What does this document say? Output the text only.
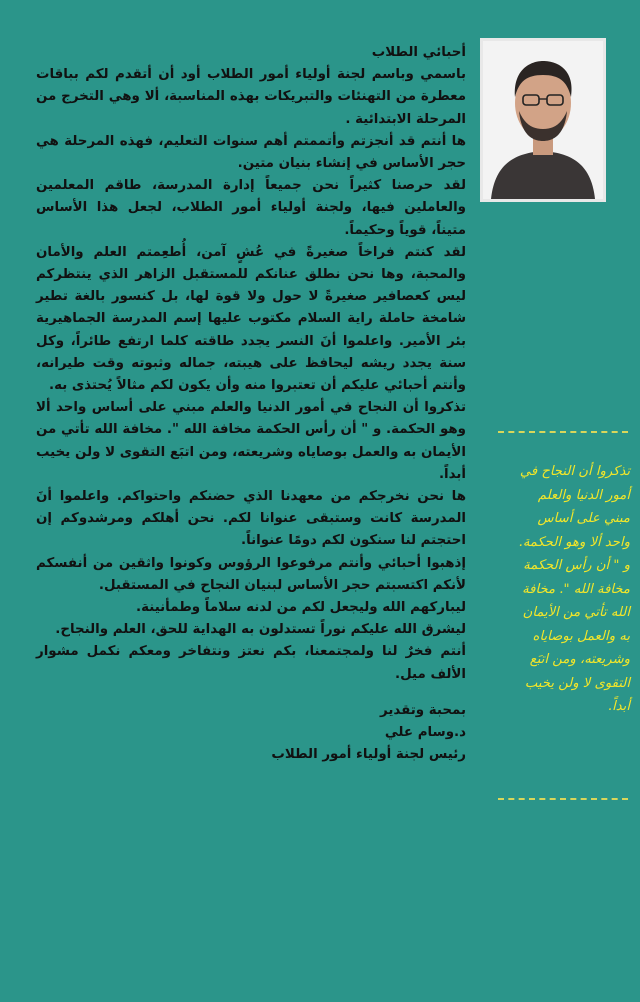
تذكروا أن النجاح في

أمور الدنيا والعلم

مبني على أساس

واحد ألا وهو الحكمة.

و " أن رأس الحكمة

مخافة الله ". مخافة

الله تأتي من الأيمان

به والعمل بوصاياه

وشريعته، ومن اتبَع

التقوى لا ولن يخيب

أبداً.

أحبائي الطلاب

باسمي وباسم لجنة أولياء أمور الطلاب أود أن أتقدم لكم بباقات معطرة من التهنئات والتبريكات بهذه المناسبة، ألا وهي التخرج من المرحلة الابتدائية .

ها أنتم قد أنجزتم وأتممتم أهم سنوات التعليم، فهذه المرحلة هي حجر الأساس في إنشاء بنيان متين.

لقد حرصنا كثيراً نحن جميعاً إدارة المدرسة، طاقم المعلمين والعاملين فيها، ولجنة أولياء أمور الطلاب، لجعل هذا الأساس متيناً، قوياً وحكيماً.

لقد كنتم فراخاً صغيرةً في عُشٍ آمن، أُطعِمتم العلم والأمان والمحبة، وها نحن نطلق عنانكم للمستقبل الزاهر الذي ينتظركم ليس كعصافير صغيرةً لا حول ولا قوة لها، بل كنسور بالغة تطير شامخة حاملة راية السلام مكتوب عليها إسم المدرسة الجماهيرية بئر الأمير. واعلموا أنَ النسر يجدد طاقته كلما ارتفع طائراً، وكل سنة يجدد ريشه ليحافظ على هيبته، جماله وثبوته وقت طيرانه، وأنتم أحبائي عليكم أن تعتبروا منه وأن يكون لكم مثالاً يُحتذى به.

تذكروا أن النجاح في أمور الدنيا والعلم مبني على أساس واحد ألا وهو الحكمة. و " أن رأس الحكمة مخافة الله ". مخافة الله تأتي من الأيمان به والعمل بوصاياه وشريعته، ومن اتبَع التقوى لا ولن يخيب أبداً.

ها نحن نخرجكم من معهدنا الذي حضنكم واحتواكم. واعلموا أنَ المدرسة كانت وستبقى عنوانا لكم. نحن أهلكم ومرشدوكم إن احتجتم لنا سنكون لكم دومًا عنواناً.

إذهبوا أحبائي وأنتم مرفوعوا الرؤوس وكونوا واثقين من أنفسكم لأنكم اكتسبتم حجر الأساس لبنيان النجاح في المستقبل.

ليباركهم الله وليجعل لكم من لدنه سلاماً وطمأنينة.

ليشرق الله عليكم نوراً تستدلون به الهداية للحق، العلم والنجاح.

أنتم فخرٌ لنا ولمجتمعنا، بكم نعتز ونتفاخر ومعكم نكمل مشوار الألف ميل.

بمحبة وتقدير

د.وسام علي

رئيس لجنة أولياء أمور الطلاب
